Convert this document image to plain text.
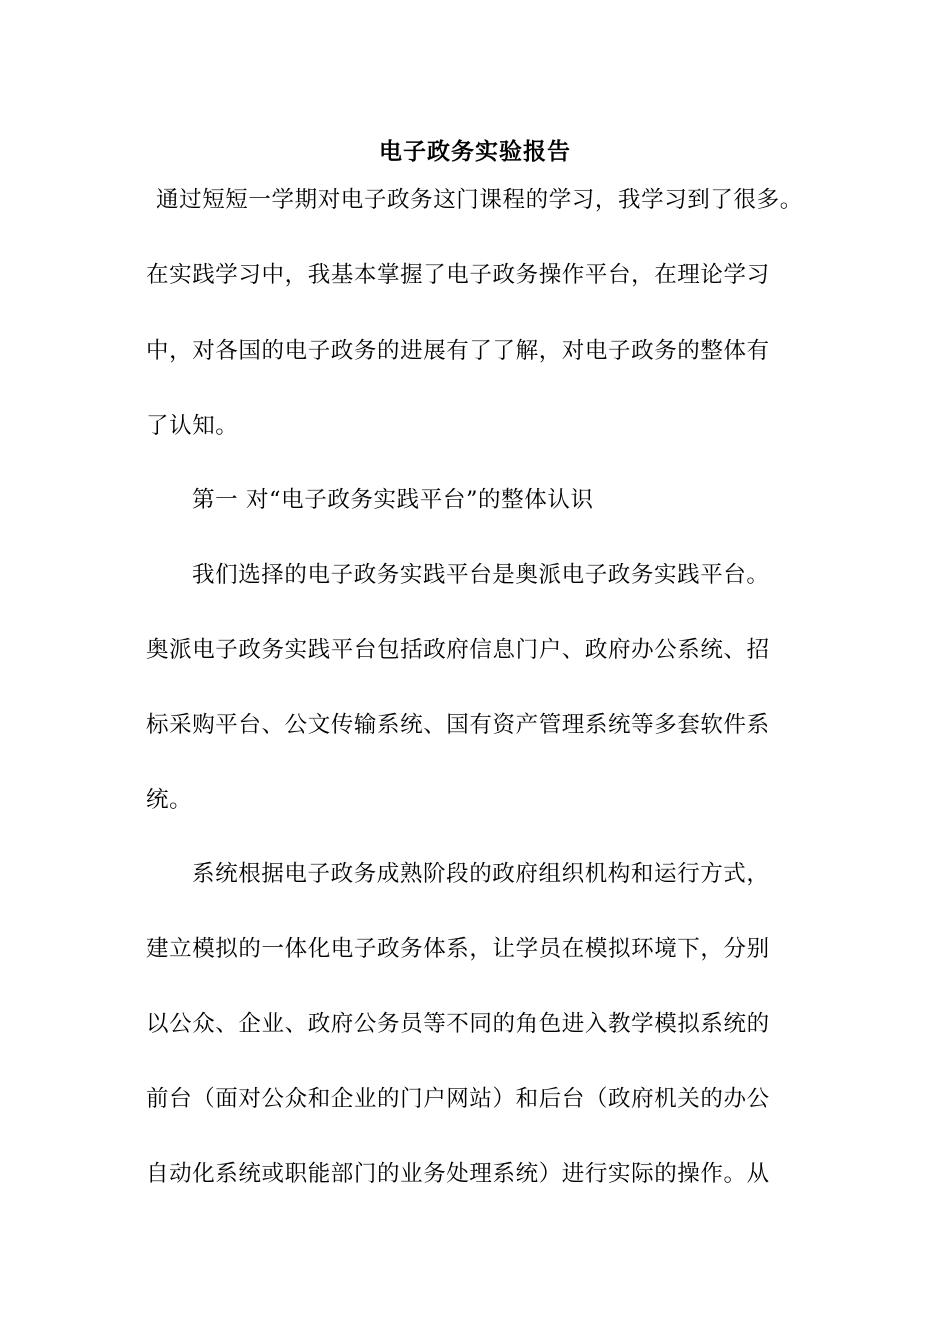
电子政务实验报告
通过短短一学期对电子政务这门课程的学习，我学习到了很多。
在实践学习中，我基本掌握了电子政务操作平台，在理论学习
中，对各国的电子政务的进展有了了解，对电子政务的整体有
了认知。
第一 对“电子政务实践平台”的整体认识
我们选择的电子政务实践平台是奥派电子政务实践平台。
奥派电子政务实践平台包括政府信息门户、政府办公系统、招
标采购平台、公文传输系统、国有资产管理系统等多套软件系
统。
系统根据电子政务成熟阶段的政府组织机构和运行方式，
建立模拟的一体化电子政务体系，让学员在模拟环境下，分别
以公众、企业、政府公务员等不同的角色进入教学模拟系统的
前台（面对公众和企业的门户网站）和后台（政府机关的办公
自动化系统或职能部门的业务处理系统）进行实际的操作。从
